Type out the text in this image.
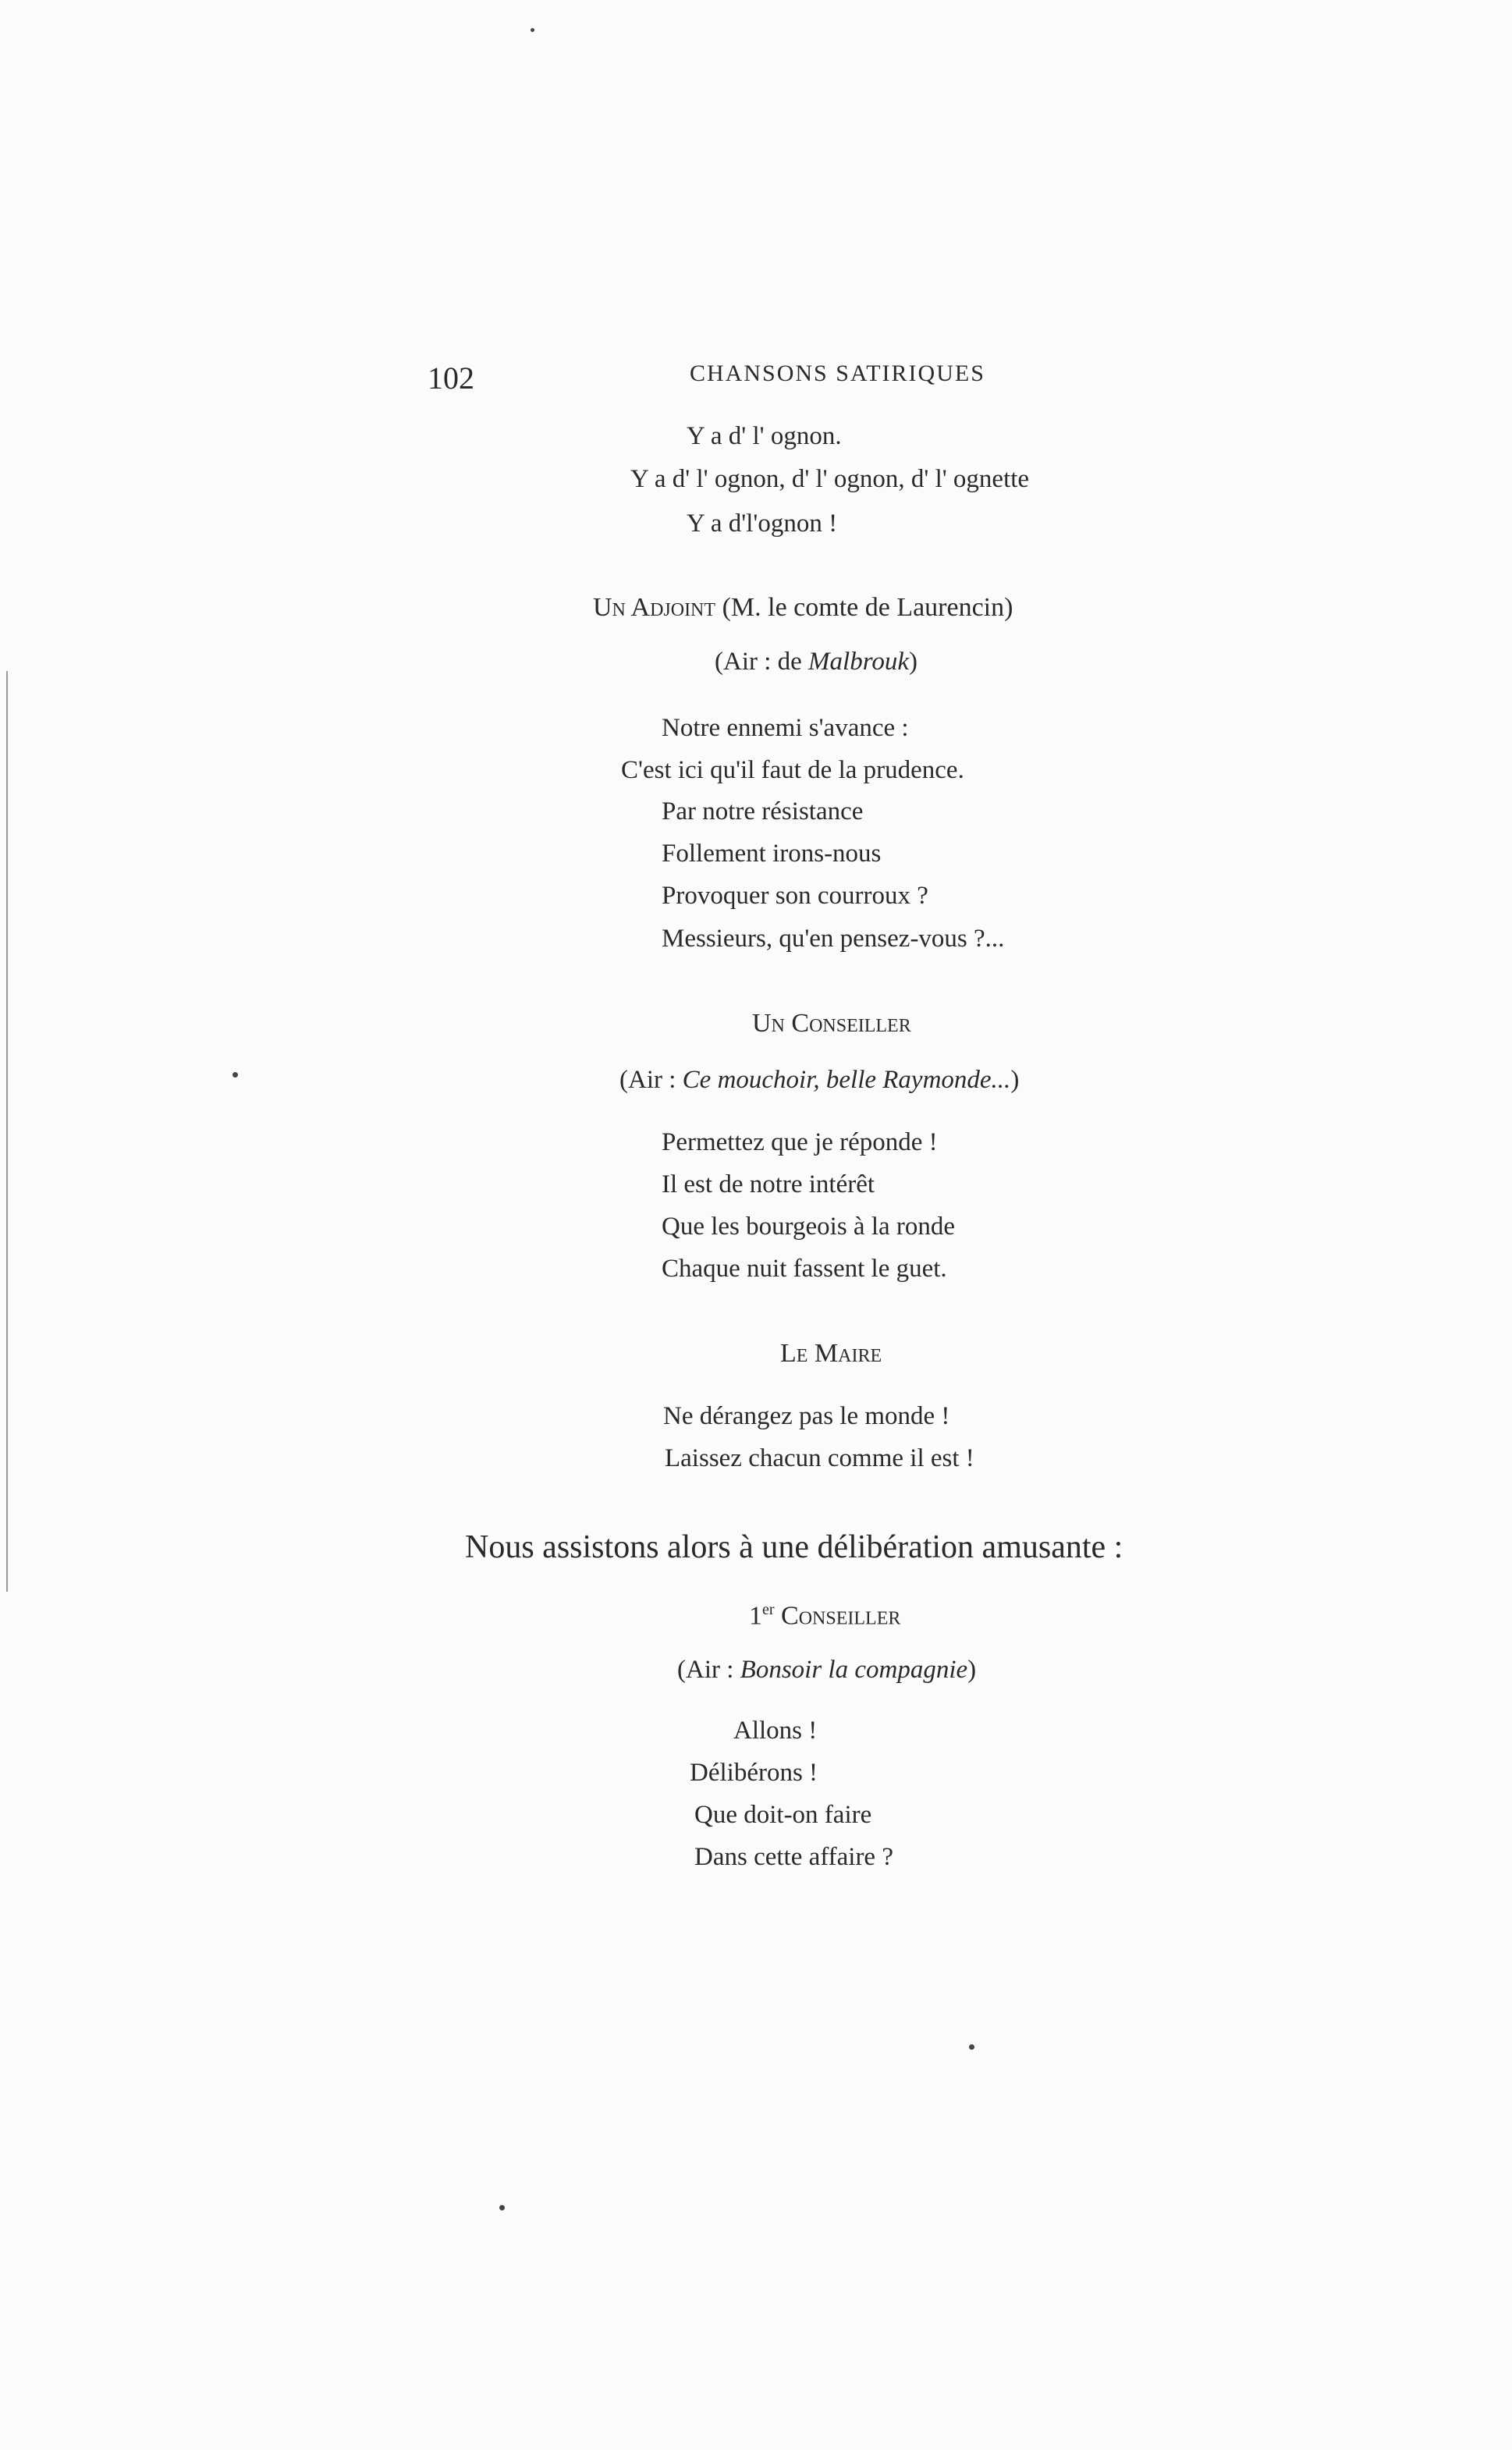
102	CHANSONS SATIRIQUES
Y a d' l' ognon.
Y a d' l' ognon, d' l' ognon, d' l' ognette
Y a d'l'ognon !
Un Adjoint (M. le comte de Laurencin)
(Air : de Malbrouk)
Notre ennemi s'avance :
C'est ici qu'il faut de la prudence.
Par notre résistance
Follement irons-nous
Provoquer son courroux ?
Messieurs, qu'en pensez-vous ?...
Un Conseiller
(Air : Ce mouchoir, belle Raymonde...)
Permettez que je réponde !
Il est de notre intérêt
Que les bourgeois à la ronde
Chaque nuit fassent le guet.
Le Maire
Ne dérangez pas le monde !
Laissez chacun comme il est !
Nous assistons alors à une délibération amusante :
1er Conseiller
(Air : Bonsoir la compagnie)
Allons !
Délibérons !
Que doit-on faire
Dans cette affaire ?
